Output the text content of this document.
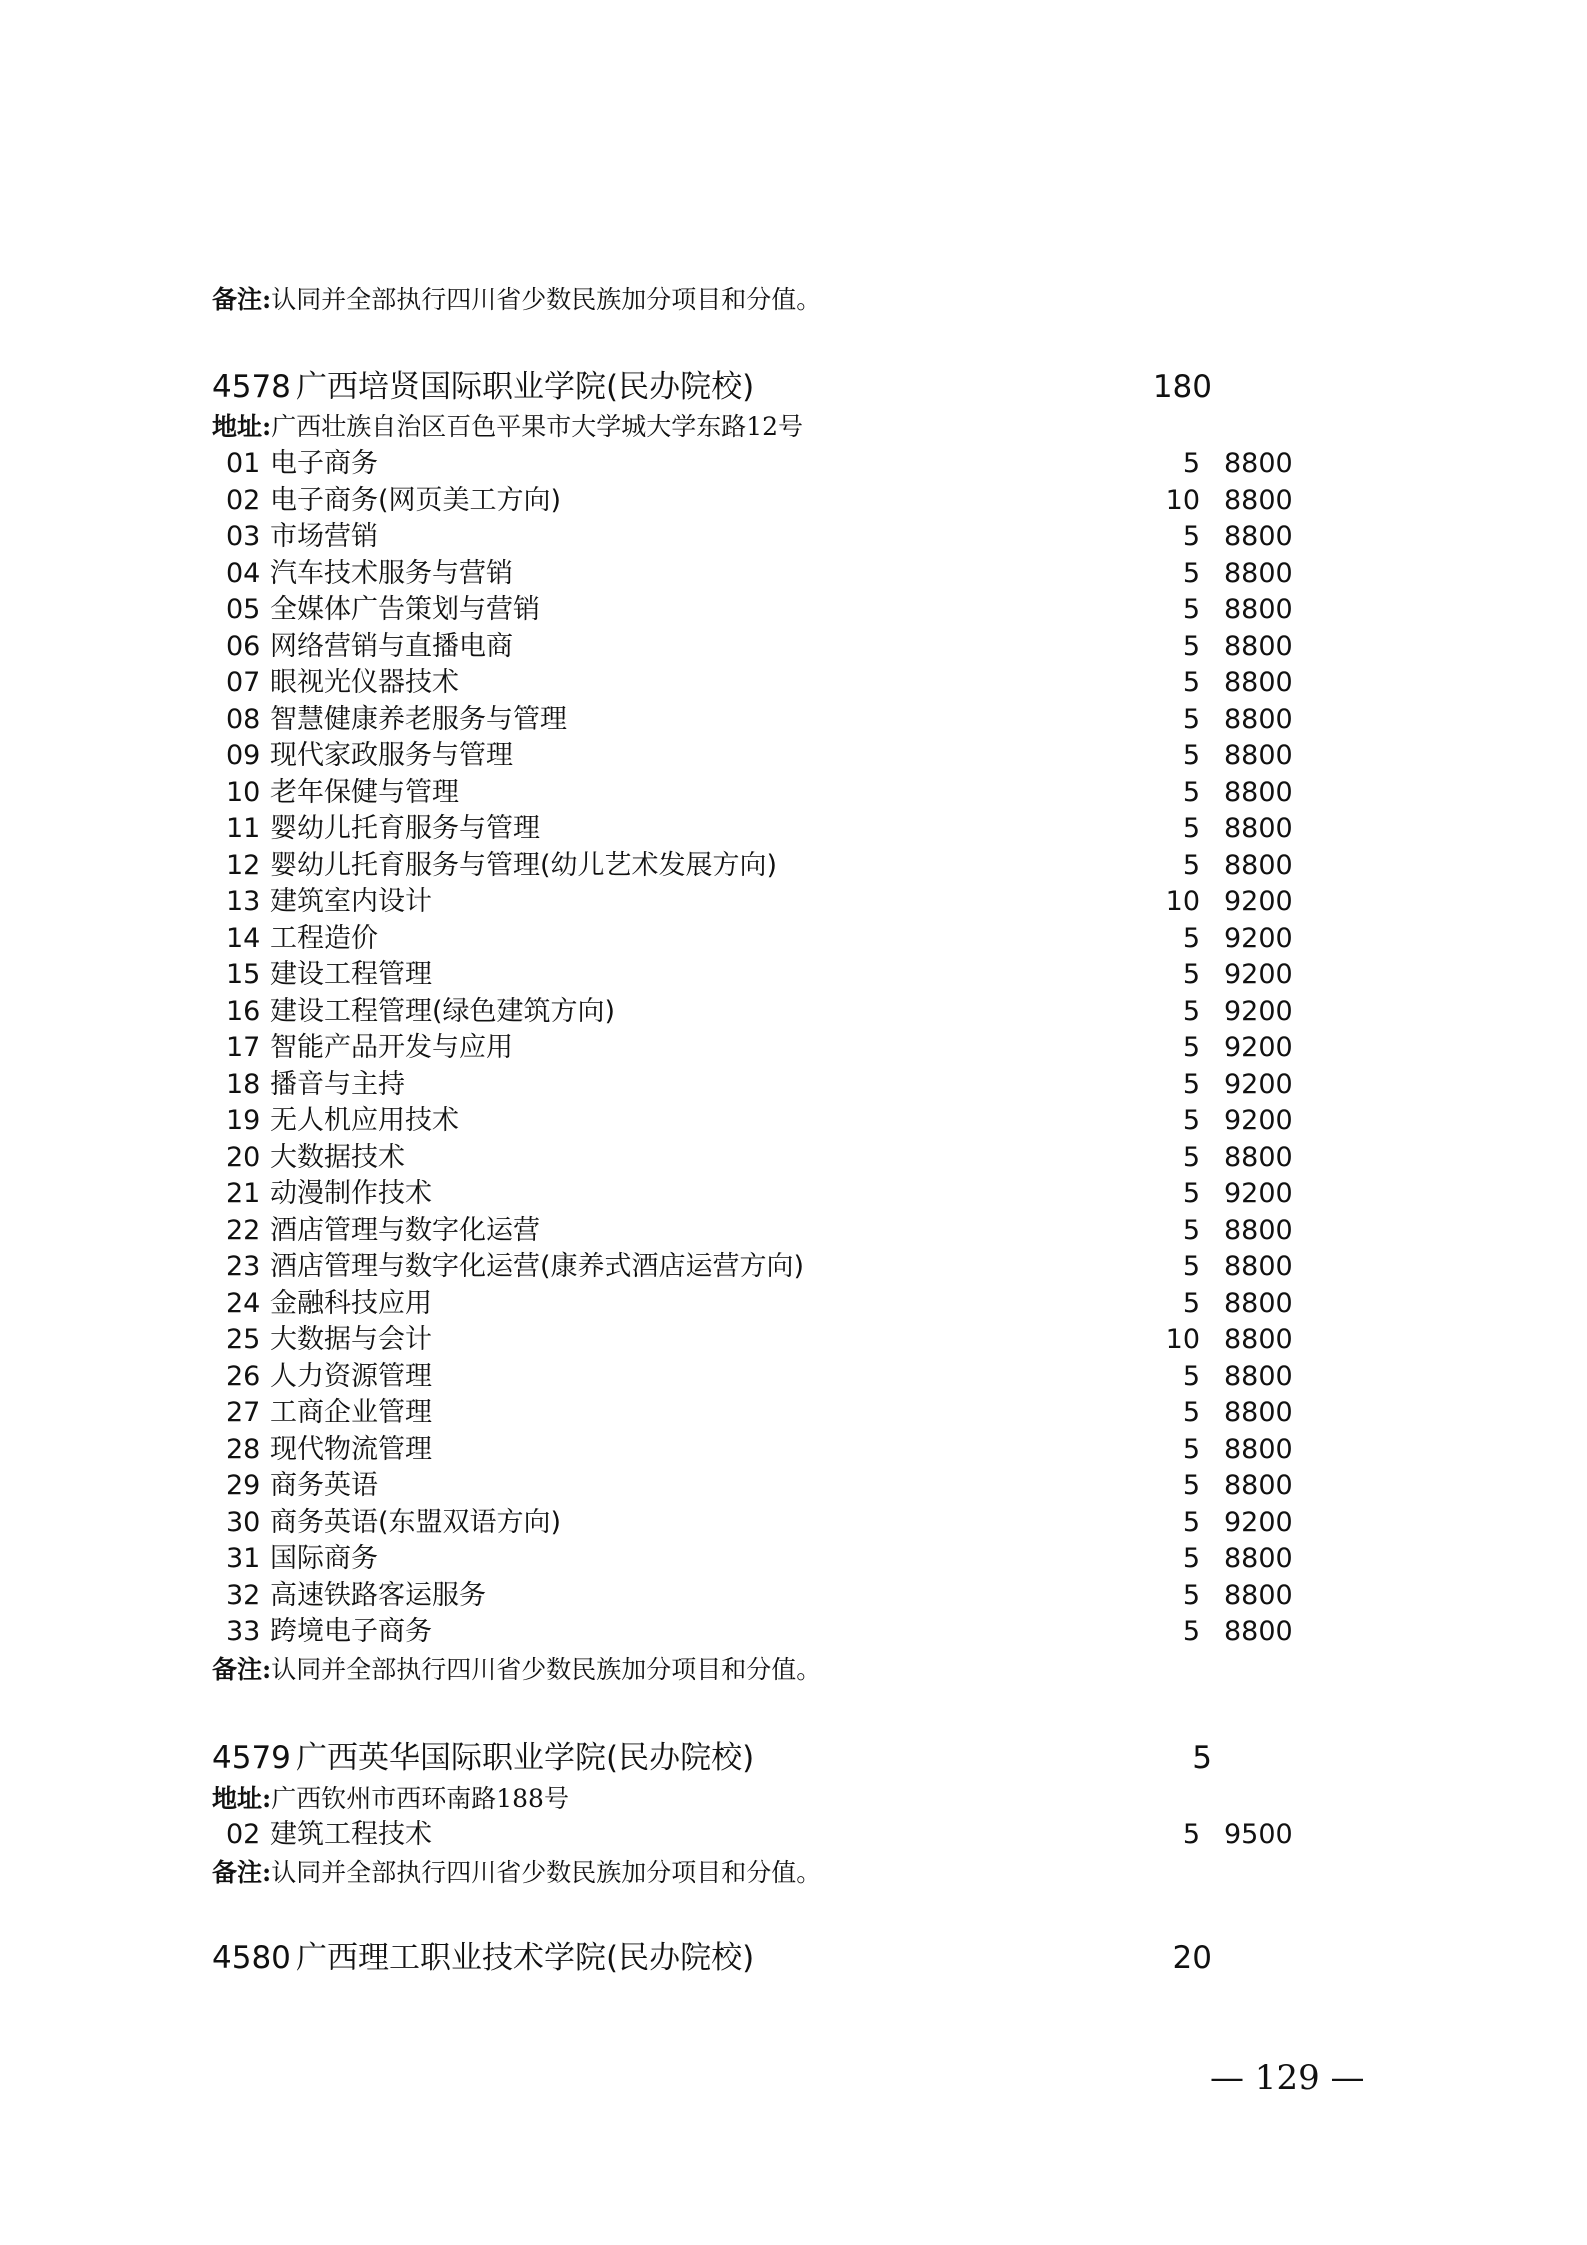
备注:认同并全部执行四川省少数民族加分项目和分值。
4578 广西培贤国际职业学院(民办院校)	180
地址:广西壮族自治区百色平果市大学城大学东路12号
01 电子商务	5 8800
02 电子商务(网页美工方向)	10 8800
03 市场营销	5 8800
04 汽车技术服务与营销	5 8800
05 全媒体广告策划与营销	5 8800
06 网络营销与直播电商	5 8800
07 眼视光仪器技术	5 8800
08 智慧健康养老服务与管理	5 8800
09 现代家政服务与管理	5 8800
10 老年保健与管理	5 8800
11 婴幼儿托育服务与管理	5 8800
12 婴幼儿托育服务与管理(幼儿艺术发展方向)	5 8800
13 建筑室内设计	10 9200
14 工程造价	5 9200
15 建设工程管理	5 9200
16 建设工程管理(绿色建筑方向)	5 9200
17 智能产品开发与应用	5 9200
18 播音与主持	5 9200
19 无人机应用技术	5 9200
20 大数据技术	5 8800
21 动漫制作技术	5 9200
22 酒店管理与数字化运营	5 8800
23 酒店管理与数字化运营(康养式酒店运营方向)	5 8800
24 金融科技应用	5 8800
25 大数据与会计	10 8800
26 人力资源管理	5 8800
27 工商企业管理	5 8800
28 现代物流管理	5 8800
29 商务英语	5 8800
30 商务英语(东盟双语方向)	5 9200
31 国际商务	5 8800
32 高速铁路客运服务	5 8800
33 跨境电子商务	5 8800
备注:认同并全部执行四川省少数民族加分项目和分值。
4579 广西英华国际职业学院(民办院校)	5
地址:广西钦州市西环南路188号
02 建筑工程技术	5 9500
备注:认同并全部执行四川省少数民族加分项目和分值。
4580 广西理工职业技术学院(民办院校)	20
— 129 —
